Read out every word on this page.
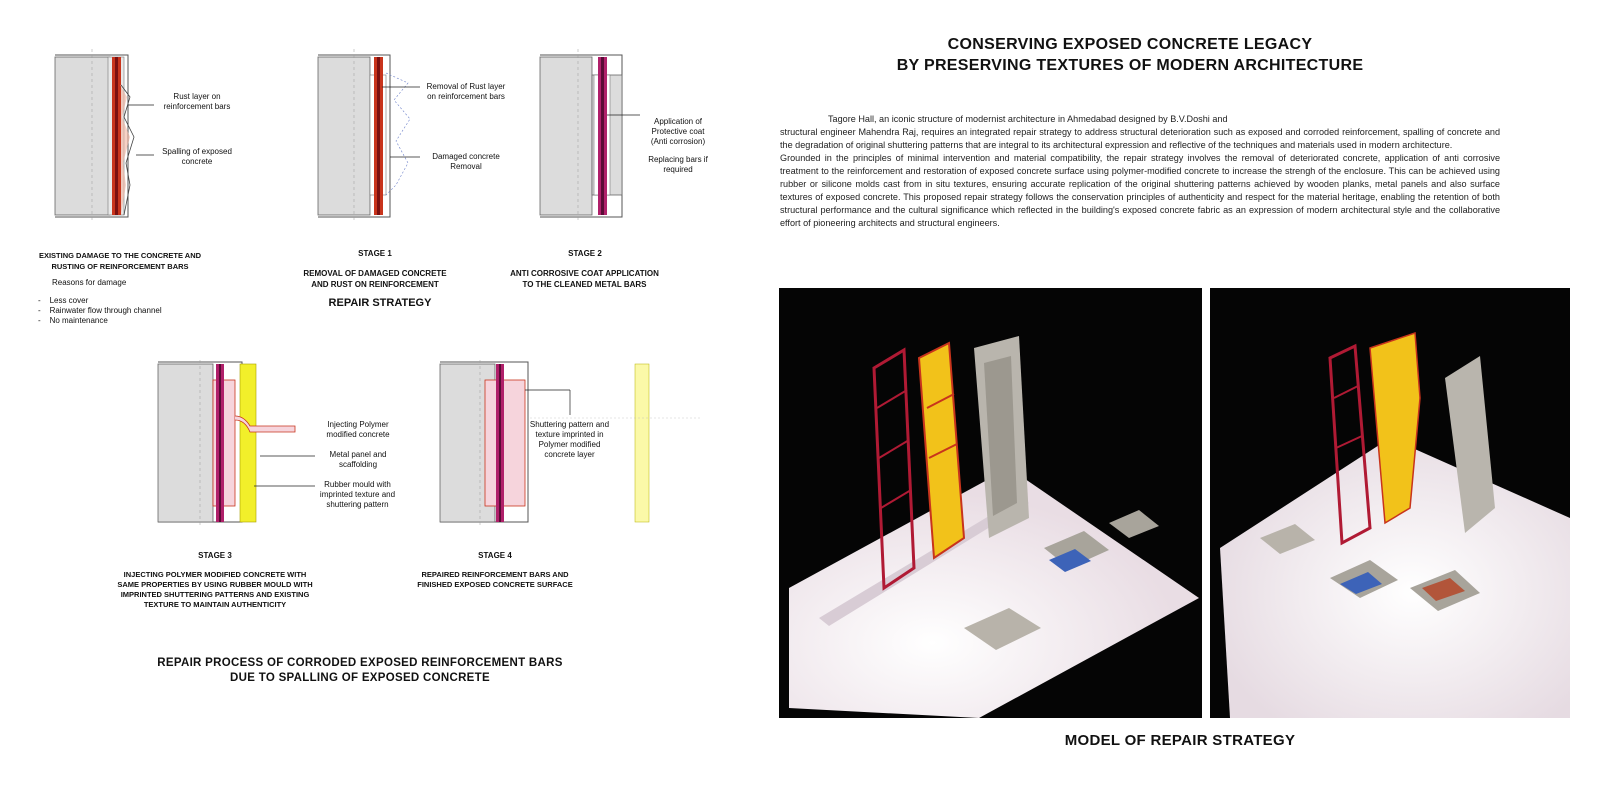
Rust layer on
reinforcement bars
Spalling of exposed
concrete
EXISTING DAMAGE TO THE CONCRETE AND
RUSTING OF REINFORCEMENT BARS
Reasons for damage
-    Less cover
-    Rainwater flow through channel
-    No maintenance
Removal of Rust layer
on reinforcement bars
Damaged concrete
Removal
STAGE 1
REMOVAL OF DAMAGED CONCRETE
AND RUST ON REINFORCEMENT
REPAIR STRATEGY
Application of
Protective coat
(Anti corrosion)
Replacing bars if
required
STAGE 2
ANTI CORROSIVE COAT APPLICATION
TO THE CLEANED METAL BARS
Injecting Polymer
modified concrete
Metal panel and
scaffolding
Rubber mould with
imprinted texture and
shuttering pattern
STAGE 3
INJECTING POLYMER MODIFIED CONCRETE WITH
SAME PROPERTIES BY USING RUBBER MOULD WITH
IMPRINTED SHUTTERING PATTERNS AND EXISTING
TEXTURE TO MAINTAIN AUTHENTICITY
Shuttering pattern and
texture imprinted in
Polymer modified
concrete layer
STAGE 4
REPAIRED REINFORCEMENT BARS AND
FINISHED EXPOSED CONCRETE SURFACE
REPAIR PROCESS OF CORRODED EXPOSED REINFORCEMENT BARS
DUE TO SPALLING OF EXPOSED CONCRETE
CONSERVING EXPOSED CONCRETE LEGACY
BY PRESERVING TEXTURES OF MODERN ARCHITECTURE

Tagore Hall, an iconic structure of modernist architecture in Ahmedabad designed by B.V.Doshi and

structural engineer Mahendra Raj, requires an integrated repair strategy to address structural deterioration such as exposed and corroded reinforcement, spalling of concrete and the degradation of original shuttering patterns that are integral to its architectural expression and reflective of the techniques and materials used in modern architecture.

Grounded in the principles of minimal intervention and material compatibility, the repair strategy involves the removal of deteriorated concrete, application of anti corrosive treatment to the reinforcement and restoration of exposed concrete surface using polymer-modified concrete to increase the strengh of the enclosure. This can be achieved using rubber or silicone molds cast from in situ textures, ensuring accurate replication of the original shuttering patterns achieved by wooden planks, metal panels and also surface textures of exposed concrete. This proposed repair strategy follows the conservation principles of authenticity and respect for the material heritage, enabling the retention of both structural performance and the cultural significance which reflected in the building's exposed concrete fabric as an expression of modern architectural style and the collaborative effort of pioneering architects and structural engineers.

MODEL OF REPAIR STRATEGY
